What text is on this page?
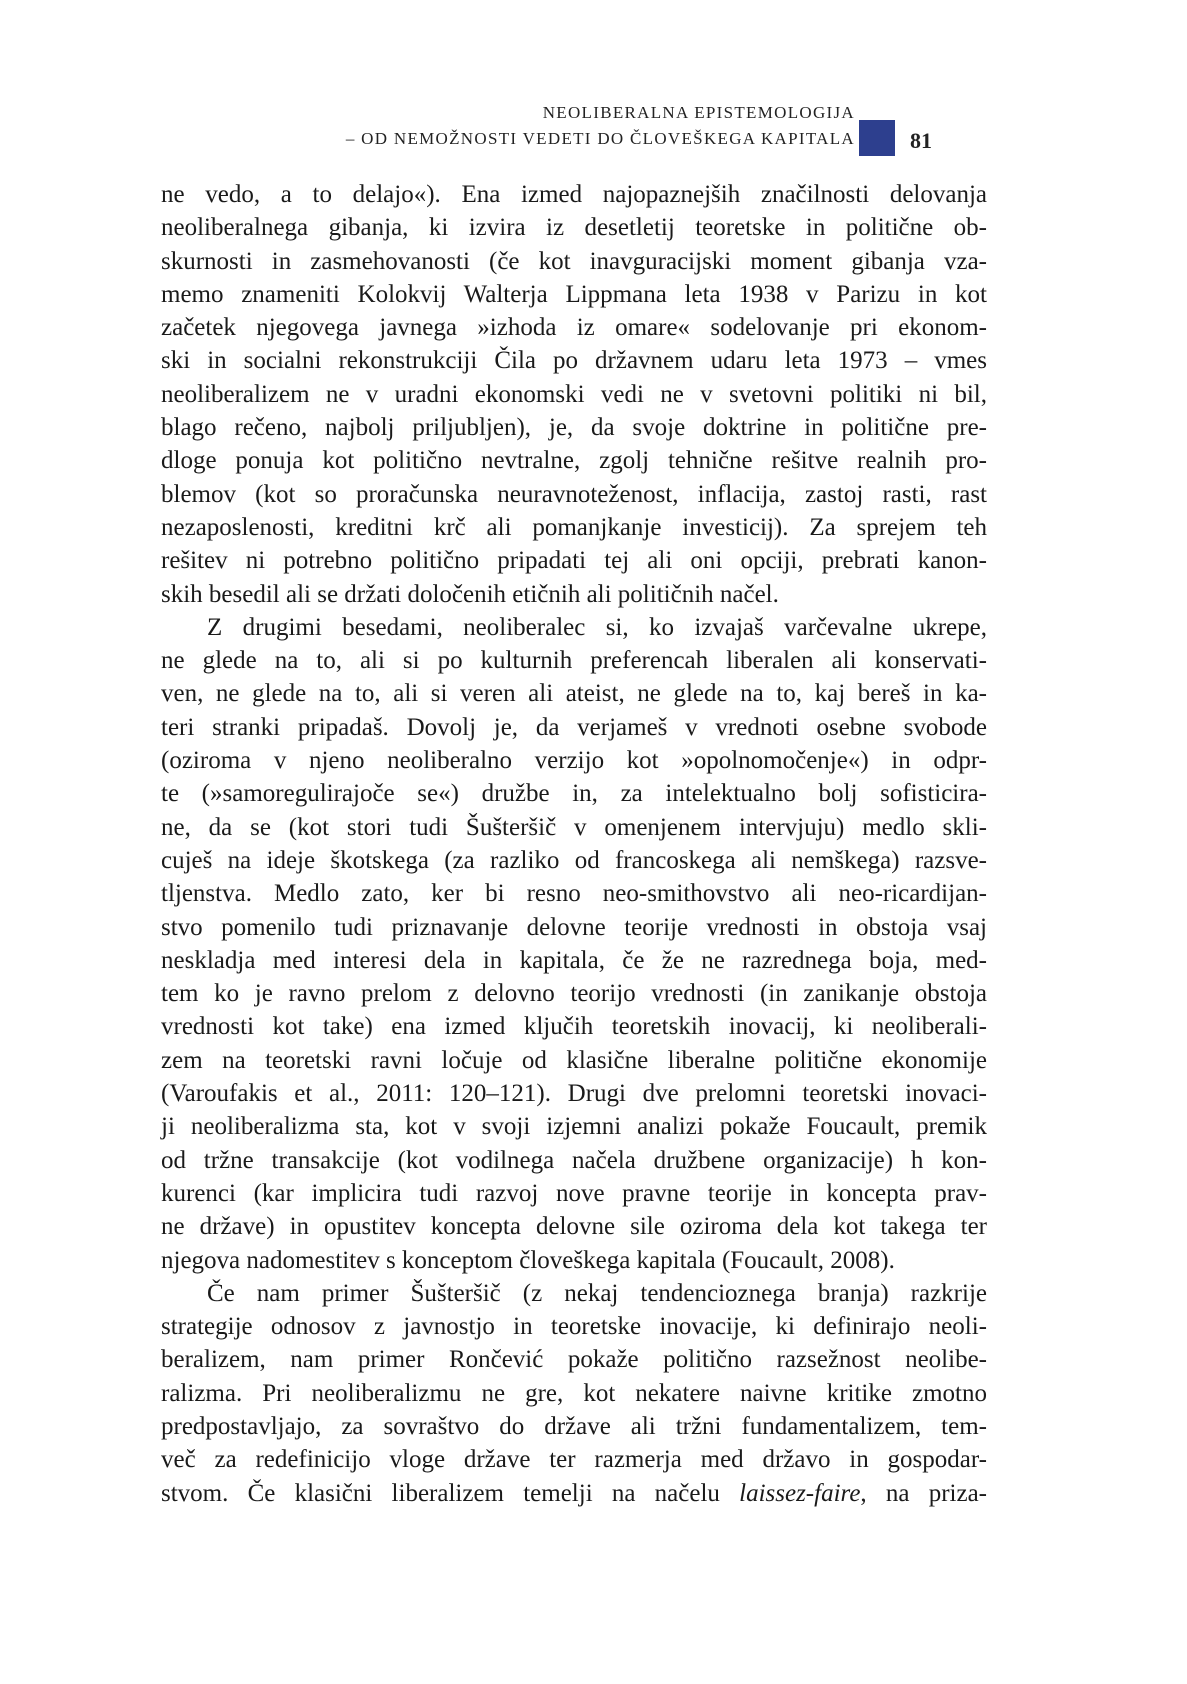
NEOLIBERALNA EPISTEMOLOGIJA
– OD NEMOŽNOSTI VEDETI DO ČLOVEŠKEGA KAPITALA	81
ne vedo, a to delajo«). Ena izmed najopaznejših značilnosti delovanja
neoliberalnega gibanja, ki izvira iz desetletij teoretske in politične ob-
skurnosti in zasmehovanosti (če kot inavguracijski moment gibanja vza-
memo znameniti Kolokvij Walterja Lippmana leta 1938 v Parizu in kot
začetek njegovega javnega »izhoda iz omare« sodelovanje pri ekonom-
ski in socialni rekonstrukciji Čila po državnem udaru leta 1973 – vmes
neoliberalizem ne v uradni ekonomski vedi ne v svetovni politiki ni bil,
blago rečeno, najbolj priljubljen), je, da svoje doktrine in politične pre-
dloge ponuja kot politično nevtralne, zgolj tehnične rešitve realnih pro-
blemov (kot so proračunska neuravnoteženost, inflacija, zastoj rasti, rast
nezaposlenosti, kreditni krč ali pomanjkanje investicij). Za sprejem teh
rešitev ni potrebno politično pripadati tej ali oni opciji, prebrati kanon-
skih besedil ali se držati določenih etičnih ali političnih načel.
Z drugimi besedami, neoliberalec si, ko izvajaš varčevalne ukrepe,
ne glede na to, ali si po kulturnih preferencah liberalen ali konservati-
ven, ne glede na to, ali si veren ali ateist, ne glede na to, kaj bereš in ka-
teri stranki pripadaš. Dovolj je, da verjameš v vrednoti osebne svobode
(oziroma v njeno neoliberalno verzijo kot »opolnomočenje«) in odpr-
te (»samoregulirajoče se«) družbe in, za intelektualno bolj sofisticira-
ne, da se (kot stori tudi Šušteršič v omenjenem intervjuju) medlo skli-
cuješ na ideje škotskega (za razliko od francoskega ali nemškega) razsve-
tljenstva. Medlo zato, ker bi resno neo-smithovstvo ali neo-ricardijan-
stvo pomenilo tudi priznavanje delovne teorije vrednosti in obstoja vsaj
neskladja med interesi dela in kapitala, če že ne razrednega boja, med-
tem ko je ravno prelom z delovno teorijo vrednosti (in zanikanje obstoja
vrednosti kot take) ena izmed ključih teoretskih inovacij, ki neoliberali-
zem na teoretski ravni ločuje od klasične liberalne politične ekonomije
(Varoufakis et al., 2011: 120–121). Drugi dve prelomni teoretski inovaci-
ji neoliberalizma sta, kot v svoji izjemni analizi pokaže Foucault, premik
od tržne transakcije (kot vodilnega načela družbene organizacije) h kon-
kurenci (kar implicira tudi razvoj nove pravne teorije in koncepta prav-
ne države) in opustitev koncepta delovne sile oziroma dela kot takega ter
njegova nadomestitev s konceptom človeškega kapitala (Foucault, 2008).
Če nam primer Šušteršič (z nekaj tendencioznega branja) razkrije
strategije odnosov z javnostjo in teoretske inovacije, ki definirajo neoli-
beralizem, nam primer Rončević pokaže politično razsežnost neolibe-
ralizma. Pri neoliberalizmu ne gre, kot nekatere naivne kritike zmotno
predpostavljajo, za sovraštvo do države ali tržni fundamentalizem, tem-
več za redefinicijo vloge države ter razmerja med državo in gospodar-
stvom. Če klasični liberalizem temelji na načelu laissez-faire, na priza-
